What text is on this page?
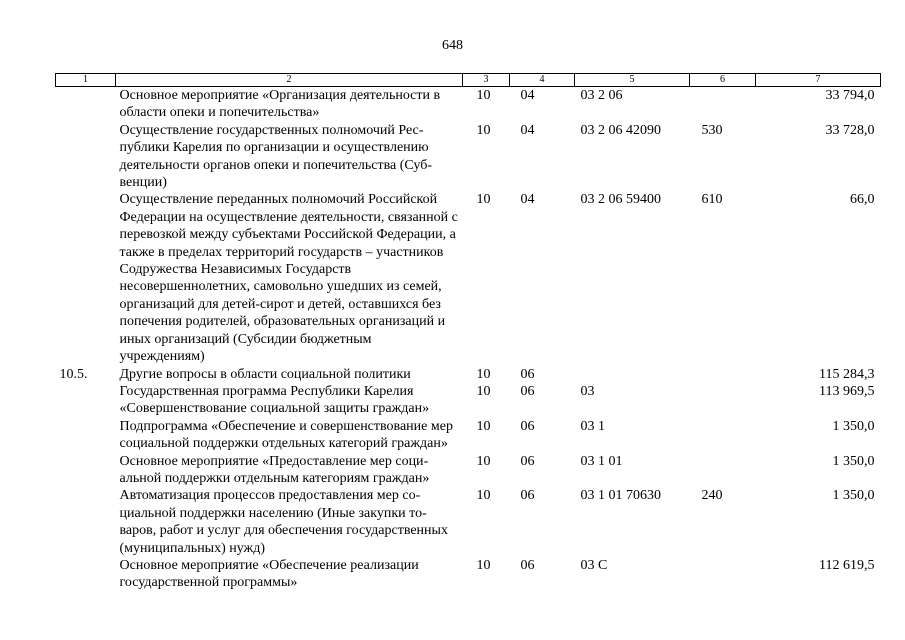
648
1	2	3	4	5	6	7
	Основное мероприятие «Организация деятельности в области опеки и попечительства»	10	04	03 2 06		33 794,0
	Осуществление государственных полномочий Республики Карелия по организации и осуществлению деятельности органов опеки и попечительства (Субвенции)	10	04	03 2 06 42090	530	33 728,0
	Осуществление переданных полномочий Российской Федерации на осуществление деятельности, связанной с перевозкой между субъектами Российской Федерации, а также в пределах территорий государств – участников Содружества Независимых Государств несовершеннолетних, самовольно ушедших из семей, организаций для детей-сирот и детей, оставшихся без попечения родителей, образовательных организаций и иных организаций (Субсидии бюджетным учреждениям)	10	04	03 2 06 59400	610	66,0
10.5.	Другие вопросы в области социальной политики	10	06			115 284,3
	Государственная программа Республики Карелия «Совершенствование социальной защиты граждан»	10	06	03		113 969,5
	Подпрограмма «Обеспечение и совершенствование мер социальной поддержки отдельных категорий граждан»	10	06	03 1		1 350,0
	Основное мероприятие «Предоставление мер социальной поддержки отдельным категориям граждан»	10	06	03 1 01		1 350,0
	Автоматизация процессов предоставления мер социальной поддержки населению (Иные закупки товаров, работ и услуг для обеспечения государственных (муниципальных) нужд)	10	06	03 1 01 70630	240	1 350,0
	Основное мероприятие «Обеспечение реализации государственной программы»	10	06	03 С		112 619,5
